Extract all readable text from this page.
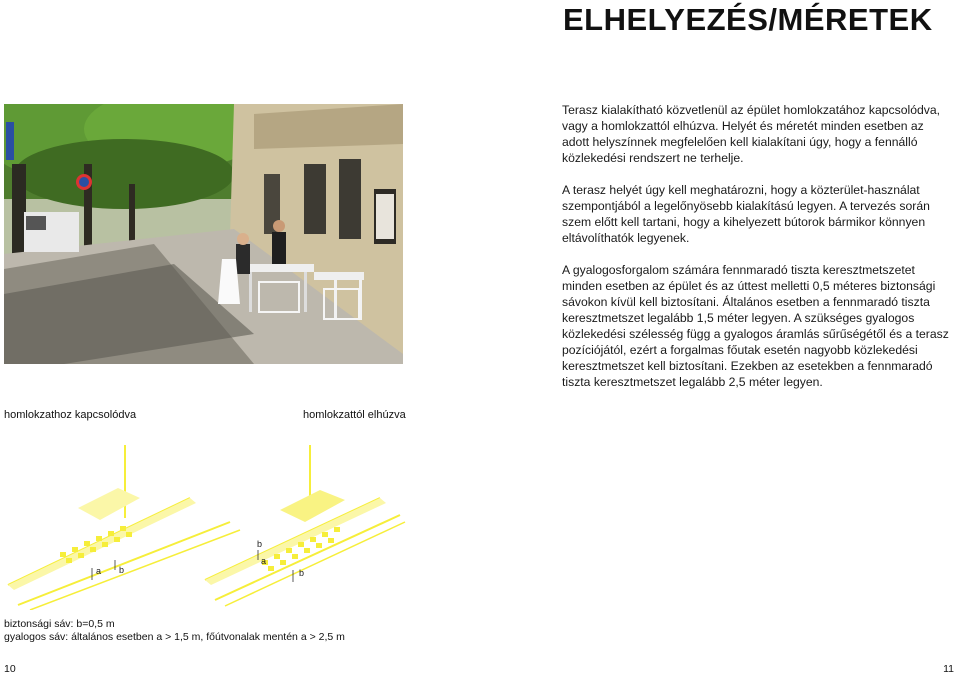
ELHELYEZÉS/MÉRETEK
homlokzathoz kapcsolódva	homlokzattól elhúzva
Terasz kialakítható közvetlenül az épület homlokzatához kapcsolódva, vagy a homlokzattól elhúzva. Helyét és méretét minden esetben az adott helyszínnek megfelelően kell kialakítani úgy, hogy a fennálló közlekedési rendszert ne terhelje.
A terasz helyét úgy kell meghatározni, hogy a közterület-használat szempontjából a legelőnyösebb kialakítású legyen. A tervezés során szem előtt kell tartani, hogy a kihelyezett bútorok bármikor könnyen eltávolíthatók legyenek.
A gyalogosforgalom számára fennmaradó tiszta keresztmetszetet minden esetben az épület és az úttest melletti 0,5 méteres biztonsági sávokon kívül kell biztosítani. Általános esetben a fennmaradó tiszta keresztmetszet legalább 1,5 méter legyen. A szükséges gyalogos közlekedési szélesség függ a gyalogos áramlás sűrűségétől és a terasz pozíciójától, ezért a forgalmas főutak esetén nagyobb közlekedési keresztmetszet kell biztosítani. Ezekben az esetekben a fennmaradó tiszta keresztmetszet legalább 2,5 méter legyen.
a b
b
a
b
biztonsági sáv: b=0,5 m
gyalogos sáv: általános esetben a > 1,5 m, főútvonalak mentén a > 2,5 m
10	11
